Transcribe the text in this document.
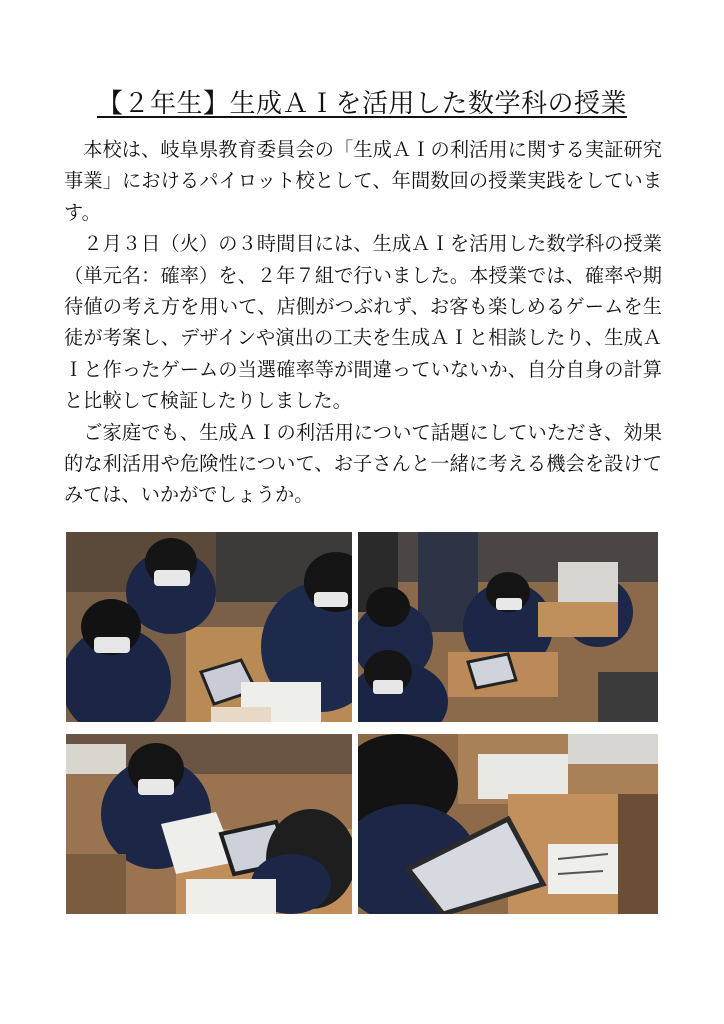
【２年生】生成ＡＩを活用した数学科の授業

本校は、岐阜県教育委員会の「生成ＡＩの利活用に関する実証研究事業」におけるパイロット校として、年間数回の授業実践をしています。

２月３日（火）の３時間目には、生成ＡＩを活用した数学科の授業（単元名：確率）を、２年７組で行いました。本授業では、確率や期待値の考え方を用いて、店側がつぶれず、お客も楽しめるゲームを生徒が考案し、デザインや演出の工夫を生成ＡＩと相談したり、生成ＡＩと作ったゲームの当選確率等が間違っていないか、自分自身の計算と比較して検証したりしました。

ご家庭でも、生成ＡＩの利活用について話題にしていただき、効果的な利活用や危険性について、お子さんと一緒に考える機会を設けてみては、いかがでしょうか。
